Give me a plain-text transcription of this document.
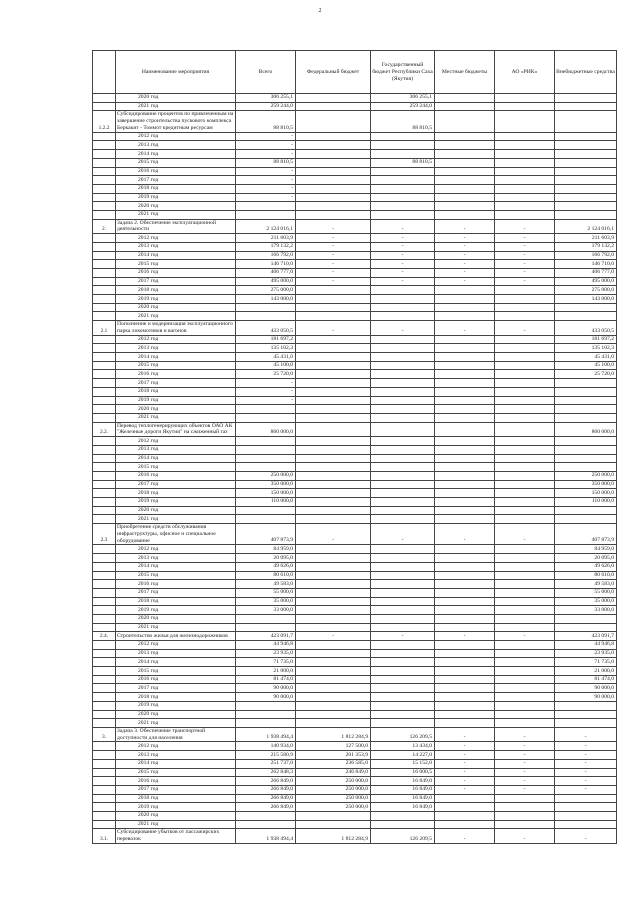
2
	Наименование мероприятия	Всего	Федеральный бюджет	Государственный бюджет Республики Саха (Якутия)	Местные бюджеты	АО «РИК»	Внебюджетные средства
	2020 год	306 255,1		306 255,1			
	2021 год	259 244,0		259 244,0			
1.2.2	Субсидирование процентов по привлеченным на завершение строительства пускового комплекса Беркакит - Томмот кредитным ресурсам	88 810,5		88 810,5			
	2012 год	-					
	2013 год	-					
	2014 год	-					
	2015 год	88 810,5		88 810,5			
	2016 год	-					
	2017 год	-					
	2018 год	-					
	2019 год	-					
	2020 год						
	2021 год						
2.	Задача 2. Обеспечение эксплуатационной деятельности	2 124 016,1	-	-	-	-	2 124 016,1
	2012 год	211 603,9	-	-	-	-	211 603,9
	2013 год	179 132,2	-	-	-	-	179 132,2
	2014 год	166 792,0	-	-	-	-	166 792,0
	2015 год	146 710,0	-	-	-	-	146 710,0
	2016 год	406 777,0	-	-	-	-	406 777,0
	2017 год	495 000,0	-	-	-	-	495 000,0
	2018 год	275 000,0					275 000,0
	2019 год	143 000,0					143 000,0
	2020 год						
	2021 год						
2.1	Пополнение и модернизация эксплуатационного парка локомотивов и вагонов	433 050,5	-	-	-	-	433 050,5
	2012 год	181 697,2					181 697,2
	2013 год	135 102,3					135 102,3
	2014 год	45 431,0					45 431,0
	2015 год	45 100,0					45 100,0
	2016 год	25 720,0					25 720,0
	2017 год	-					
	2018 год	-					
	2019 год	-					
	2020 год						
	2021 год						
2.2.	Перевод теплогенерирующих объектов ОАО АК "Железные дороги Якутии" на сжиженный газ	860 000,0					860 000,0
	2012 год						
	2013 год						
	2014 год						
	2015 год						
	2016 год	250 000,0					250 000,0
	2017 год	350 000,0					350 000,0
	2018 год	150 000,0					150 000,0
	2019 год	110 000,0					110 000,0
	2020 год						
	2021 год						
2.3	Приобретение средств обслуживания инфраструктуры, офисное и специальное оборудование	407 873,9	-	-	-	-	407 873,9
	2012 год	84 959,0					84 959,0
	2013 год	20 095,0					20 095,0
	2014 год	49 626,0					49 626,0
	2015 год	80 610,0					80 610,0
	2016 год	49 583,0					49 583,0
	2017 год	55 000,0					55 000,0
	2018 год	35 000,0					35 000,0
	2019 год	33 000,0					33 000,0
	2020 год						
	2021 год						
2.4.	Строительство жилья для железнодорожников	423 091,7	-	-	-	-	423 091,7
	2012 год	44 946,8					44 946,8
	2013 год	23 935,0					23 935,0
	2014 год	71 735,0					71 735,0
	2015 год	21 000,0					21 000,0
	2016 год	81 474,0					81 474,0
	2017 год	90 000,0					90 000,0
	2018 год	90 000,0					90 000,0
	2019 год						
	2020 год						
	2021 год						
3.	Задача 3. Обеспечение транспортной доступности для населения	1 938 494,4	1 812 284,9	126 209,5	-	-	-
	2012 год	140 934,0	127 500,0	13 434,0	-	-	-
	2013 год	215 580,9	201 353,9	14 227,0	-	-	-
	2014 год	251 737,0	236 585,0	15 152,0	-	-	-
	2015 год	262 848,3	246 849,0	16 000,5	-	-	-
	2016 год	266 849,0	250 000,0	16 849,0	-	-	-
	2017 год	266 849,0	250 000,0	16 849,0	-	-	-
	2018 год	266 849,0	250 000,0	16 849,0			
	2019 год	266 849,0	250 000,0	16 849,0			
	2020 год						
	2021 год						
3.1.	Субсидирование убытков от пассажирских перевозок	1 938 494,4	1 812 284,9	126 209,5	-	-	-
